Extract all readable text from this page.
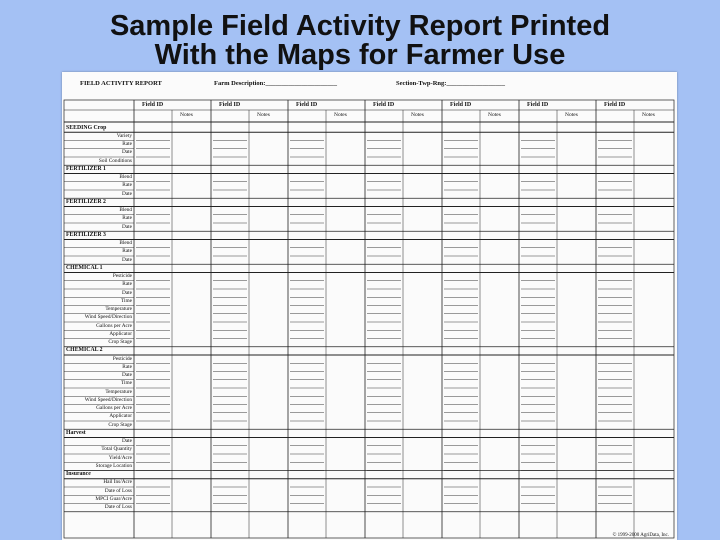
Sample Field Activity Report Printed
With the Maps for Farmer Use
FIELD ACTIVITY REPORT	Farm Description:______________________	Section-Twp-Rng:__________________
Field ID
Notes
Field ID
Notes
Field ID
Notes
Field ID
Notes
Field ID
Notes
Field ID
Notes
Field ID
Notes
SEEDING Crop
Variety
Rate
Date
Soil Conditions
FERTILIZER 1
Blend
Rate
Date
FERTILIZER 2
Blend
Rate
Date
FERTILIZER 3
Blend
Rate
Date
CHEMICAL 1
Pesticide
Rate
Date
Time
Temperature
Wind Speed/Direction
Gallons per Acre
Applicator
Crop Stage
CHEMICAL 2
Pesticide
Rate
Date
Time
Temperature
Wind Speed/Direction
Gallons per Acre
Applicator
Crop Stage
Harvest
Date
Total Quantity
Yield/Acre
Storage Location
Insurance
Hail Ins/Acre
Date of Loss
MPCI Guar/Acre
Date of Loss
© 1999-2000 AgriData, Inc.
